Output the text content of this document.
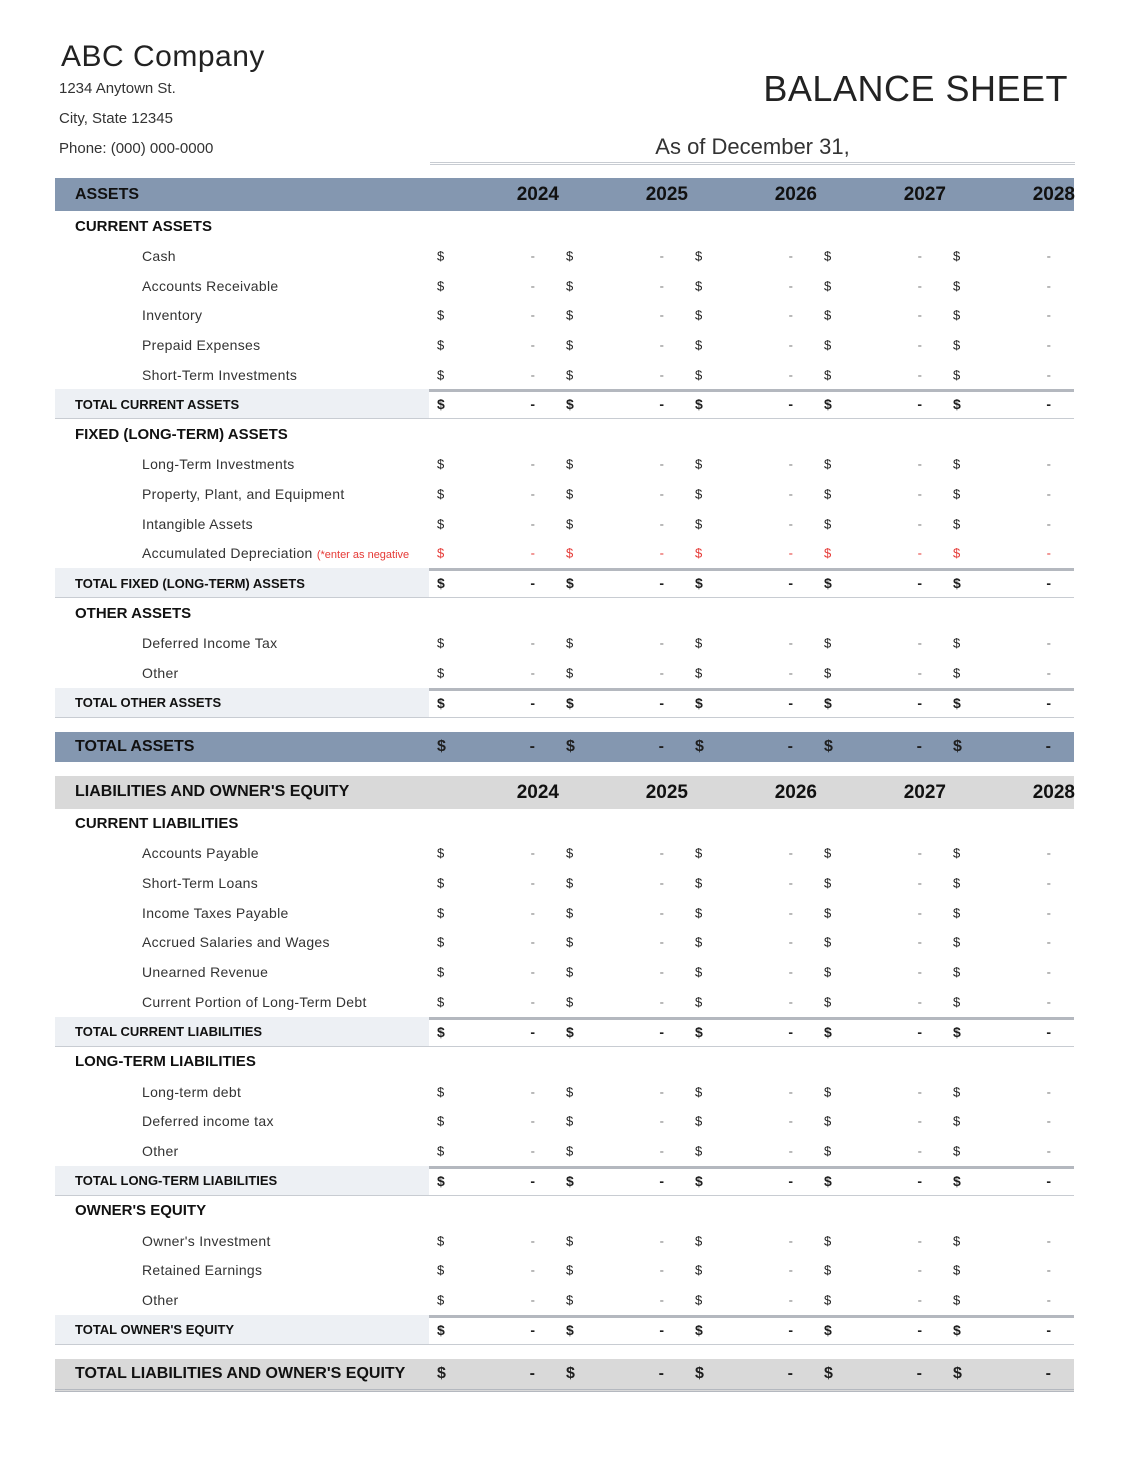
ABC Company
1234 Anytown St.
City, State 12345
Phone: (000) 000-0000
BALANCE SHEET
As of December 31,
ASSETS	2024	2025	2026	2027	2028
CURRENT ASSETS
Cash	$	- $	- $	- $	- $	-
Accounts Receivable	$	- $	- $	- $	- $	-
Inventory	$	- $	- $	- $	- $	-
Prepaid Expenses	$	- $	- $	- $	- $	-
Short-Term Investments	$	- $	- $	- $	- $	-
TOTAL CURRENT ASSETS	$	- $	- $	- $	- $	-
FIXED (LONG-TERM) ASSETS
Long-Term Investments	$	- $	- $	- $	- $	-
Property, Plant, and Equipment	$	- $	- $	- $	- $	-
Intangible Assets	$	- $	- $	- $	- $	-
Accumulated Depreciation (*enter as negative $	- $	- $	- $	- $	-
TOTAL FIXED (LONG-TERM) ASSETS	$	- $	- $	- $	- $	-
OTHER ASSETS
Deferred Income Tax	$	- $	- $	- $	- $	-
Other	$	- $	- $	- $	- $	-
TOTAL OTHER ASSETS	$	- $	- $	- $	- $	-
TOTAL ASSETS	$	- $	- $	- $	- $	-
LIABILITIES AND OWNER'S EQUITY	2024	2025	2026	2027	2028
CURRENT LIABILITIES
Accounts Payable	$	- $	- $	- $	- $	-
Short-Term Loans	$	- $	- $	- $	- $	-
Income Taxes Payable	$	- $	- $	- $	- $	-
Accrued Salaries and Wages	$	- $	- $	- $	- $	-
Unearned Revenue	$	- $	- $	- $	- $	-
Current Portion of Long-Term Debt	$	- $	- $	- $	- $	-
TOTAL CURRENT LIABILITIES	$	- $	- $	- $	- $	-
LONG-TERM LIABILITIES
Long-term debt	$	- $	- $	- $	- $	-
Deferred income tax	$	- $	- $	- $	- $	-
Other	$	- $	- $	- $	- $	-
TOTAL LONG-TERM LIABILITIES	$	- $	- $	- $	- $	-
OWNER'S EQUITY
Owner's Investment	$	- $	- $	- $	- $	-
Retained Earnings	$	- $	- $	- $	- $	-
Other	$	- $	- $	- $	- $	-
TOTAL OWNER'S EQUITY	$	- $	- $	- $	- $	-
TOTAL LIABILITIES AND OWNER'S EQUITY $	- $	- $	- $	- $	-
